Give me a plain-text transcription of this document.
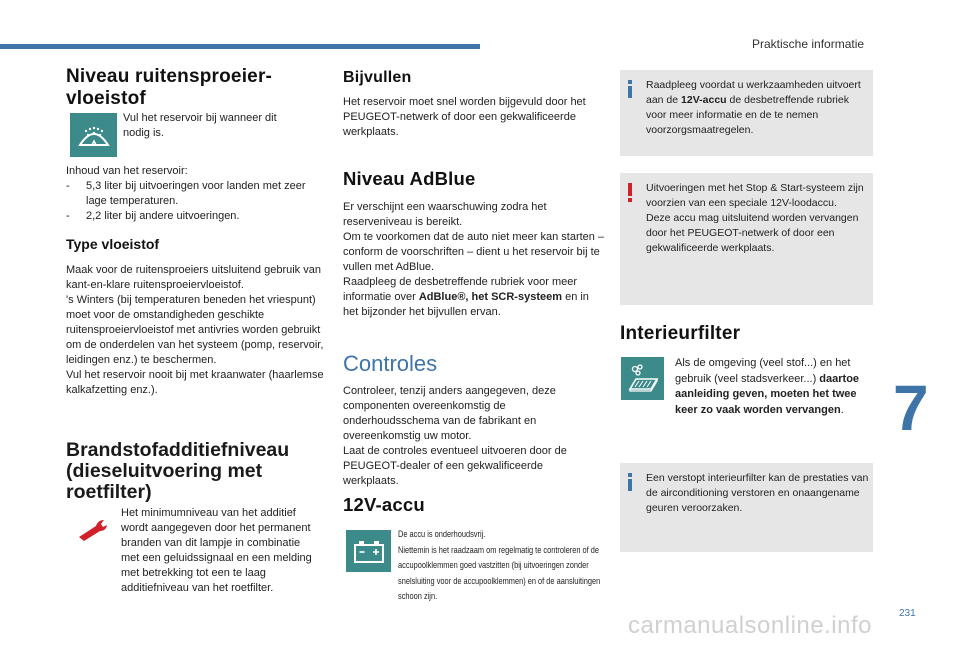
Praktische informatie
Niveau ruitensproeier-vloeistof

Vul het reservoir bij wanneer dit nodig is.

Inhoud van het reservoir:

-	5,3 liter bij uitvoeringen voor landen met zeer lage temperaturen.

-	2,2 liter bij andere uitvoeringen.

Type vloeistof

Maak voor de ruitensproeiers uitsluitend gebruik van kant-en-klare ruitensproeiervloeistof.
's Winters (bij temperaturen beneden het vriespunt) moet voor de omstandigheden geschikte ruitensproeiervloeistof met antivries worden gebruikt om de onderdelen van het systeem (pomp, reservoir, leidingen enz.) te beschermen.
Vul het reservoir nooit bij met kraanwater (haarlemse kalkafzetting enz.).

Brandstofadditiefniveau (dieseluitvoering met roetfilter)

Het minimumniveau van het additief wordt aangegeven door het permanent branden van dit lampje in combinatie met een geluidssignaal en een melding met betrekking tot een te laag additiefniveau van het roetfilter.

Bijvullen

Het reservoir moet snel worden bijgevuld door het PEUGEOT-netwerk of door een gekwalificeerde werkplaats.

Niveau AdBlue

Er verschijnt een waarschuwing zodra het reserveniveau is bereikt.
Om te voorkomen dat de auto niet meer kan starten – conform de voorschriften – dient u het reservoir bij te vullen met AdBlue.
Raadpleeg de desbetreffende rubriek voor meer informatie over AdBlue®, het SCR-systeem en in het bijzonder het bijvullen ervan.

Controles

Controleer, tenzij anders aangegeven, deze componenten overeenkomstig de onderhoudsschema van de fabrikant en overeenkomstig uw motor.
Laat de controles eventueel uitvoeren door de PEUGEOT-dealer of een gekwalificeerde werkplaats.

12V-accu

De accu is onderhoudsvrij.
Niettemin is het raadzaam om regelmatig te controleren of de accupoolklemmen goed vastzitten (bij uitvoeringen zonder snelsluiting voor de accupoolklemmen) en of de aansluitingen schoon zijn.

Raadpleeg voordat u werkzaamheden uitvoert aan de 12V-accu de desbetreffende rubriek voor meer informatie en de te nemen voorzorgsmaatregelen.

Uitvoeringen met het Stop & Start-systeem zijn voorzien van een speciale 12V-loodaccu.
Deze accu mag uitsluitend worden vervangen door het PEUGEOT-netwerk of door een gekwalificeerde werkplaats.

Interieurfilter

Als de omgeving (veel stof...) en het gebruik (veel stadsverkeer...) daartoe aanleiding geven, moeten het twee keer zo vaak worden vervangen.

Een verstopt interieurfilter kan de prestaties van de airconditioning verstoren en onaangename geuren veroorzaken.

7
231
carmanualsonline.info
